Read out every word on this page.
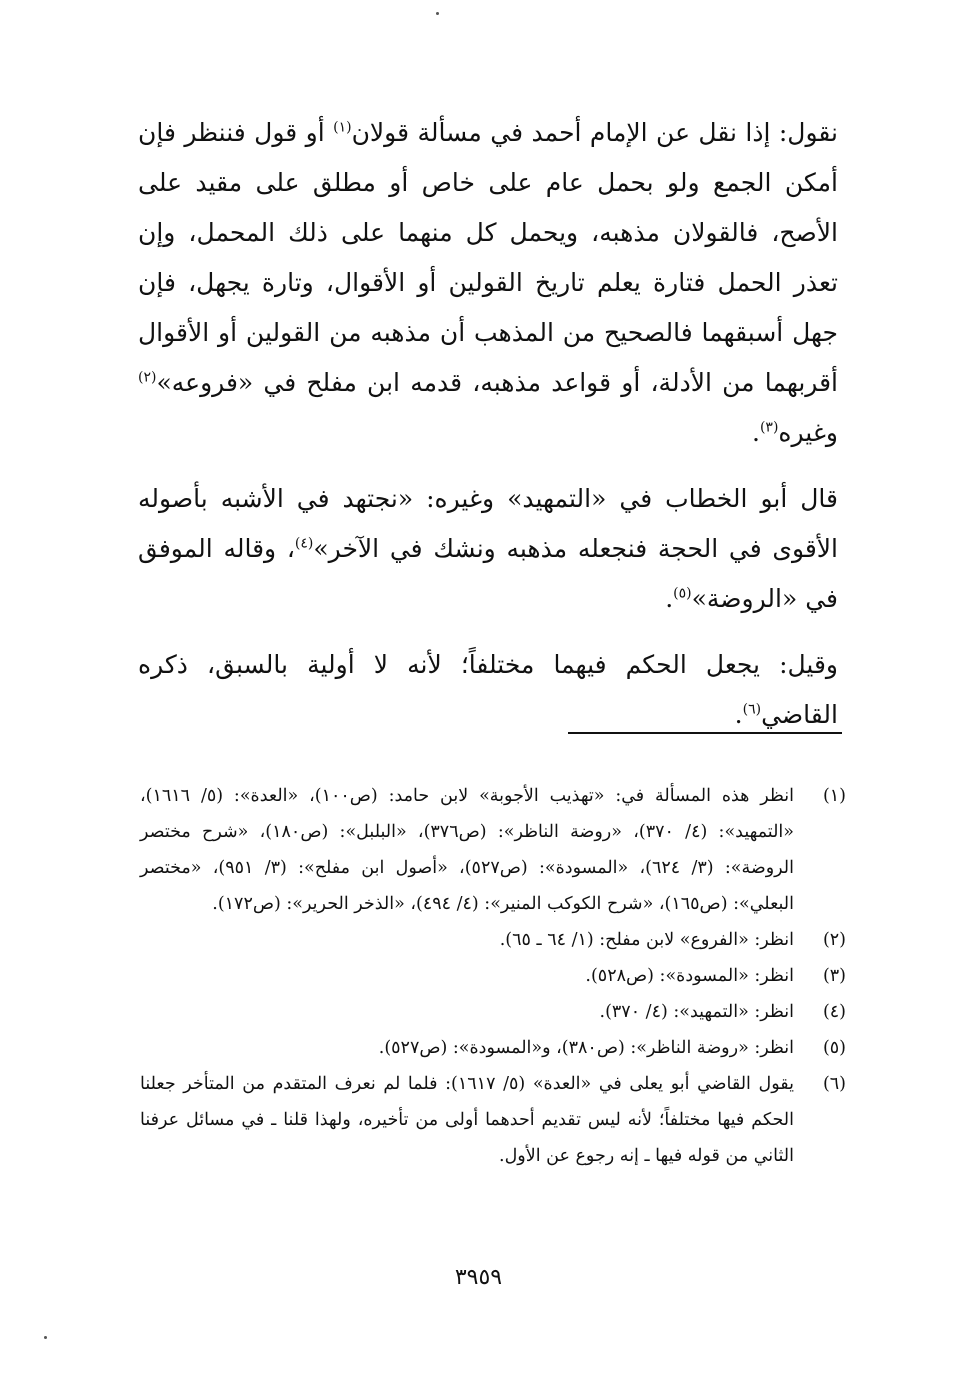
نقول: إذا نقل عن الإمام أحمد في مسألة قولان$^{(١)}$ أو قول فننظر فإن أمكن الجمع ولو بحمل عام على خاص أو مطلق على مقيد على الأصح، فالقولان مذهبه، ويحمل كل منهما على ذلك المحمل، وإن تعذر الحمل فتارة يعلم تاريخ القولين أو الأقوال، وتارة يجهل، فإن جهل أسبقهما فالصحيح من المذهب أن مذهبه من القولين أو الأقوال أقربهما من الأدلة، أو قواعد مذهبه، قدمه ابن مفلح في «فروعه»$^{(٢)}$ وغيره$^{(٣)}$.

قال أبو الخطاب في «التمهيد» وغيره: «نجتهد في الأشبه بأصوله الأقوى في الحجة فنجعله مذهبه ونشك في الآخر»$^{(٤)}$، وقاله الموفق في «الروضة»$^{(٥)}$.

وقيل: يجعل الحكم فيهما مختلفاً؛ لأنه لا أولية بالسبق، ذكره القاضي$^{(٦)}$.

(١)
انظر هذه المسألة في: «تهذيب الأجوبة» لابن حامد: (ص١٠٠)، «العدة»: (٥/ ١٦١٦)، «التمهيد»: (٤/ ٣٧٠)، «روضة الناظر»: (ص٣٧٦)، «البلبل»: (ص١٨٠)، «شرح مختصر الروضة»: (٣/ ٦٢٤)، «المسودة»: (ص٥٢٧)، «أصول ابن مفلح»: (٣/ ٩٥١)، «مختصر البعلي»: (ص١٦٥)، «شرح الكوكب المنير»: (٤/ ٤٩٤)، «الذخر الحرير»: (ص١٧٢).
(٢)
انظر: «الفروع» لابن مفلح: (١/ ٦٤ ـ ٦٥).
(٣)
انظر: «المسودة»: (ص٥٢٨).
(٤)
انظر: «التمهيد»: (٤/ ٣٧٠).
(٥)
انظر: «روضة الناظر»: (ص٣٨٠)، و«المسودة»: (ص٥٢٧).
(٦)
يقول القاضي أبو يعلى في «العدة» (٥/ ١٦١٧): فلما لم نعرف المتقدم من المتأخر جعلنا الحكم فيها مختلفاً؛ لأنه ليس تقديم أحدهما أولى من تأخيره، ولهذا قلنا ـ في مسائل عرفنا الثاني من قوله فيها ـ إنه رجوع عن الأول.
٣٩٥٩
